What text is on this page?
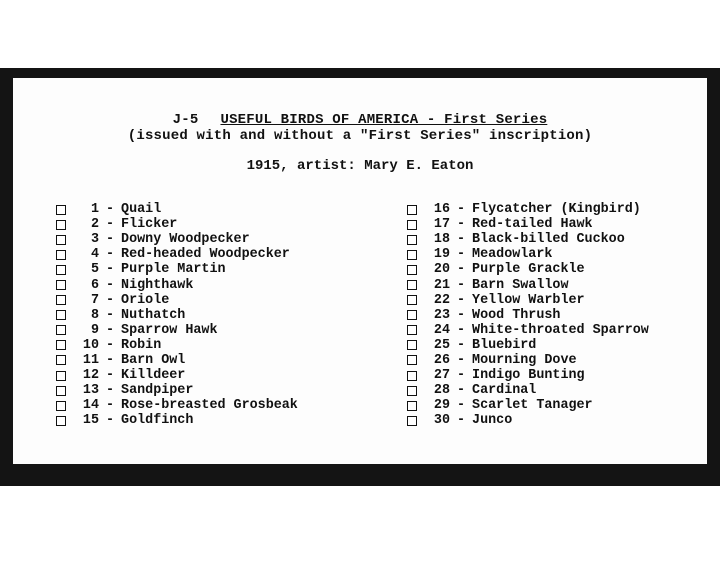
J-5 USEFUL BIRDS OF AMERICA - First Series
(issued with and without a "First Series" inscription)
1915, artist: Mary E. Eaton
1 - Quail
2 - Flicker
3 - Downy Woodpecker
4 - Red-headed Woodpecker
5 - Purple Martin
6 - Nighthawk
7 - Oriole
8 - Nuthatch
9 - Sparrow Hawk
10 - Robin
11 - Barn Owl
12 - Killdeer
13 - Sandpiper
14 - Rose-breasted Grosbeak
15 - Goldfinch
16 - Flycatcher (Kingbird)
17 - Red-tailed Hawk
18 - Black-billed Cuckoo
19 - Meadowlark
20 - Purple Grackle
21 - Barn Swallow
22 - Yellow Warbler
23 - Wood Thrush
24 - White-throated Sparrow
25 - Bluebird
26 - Mourning Dove
27 - Indigo Bunting
28 - Cardinal
29 - Scarlet Tanager
30 - Junco
